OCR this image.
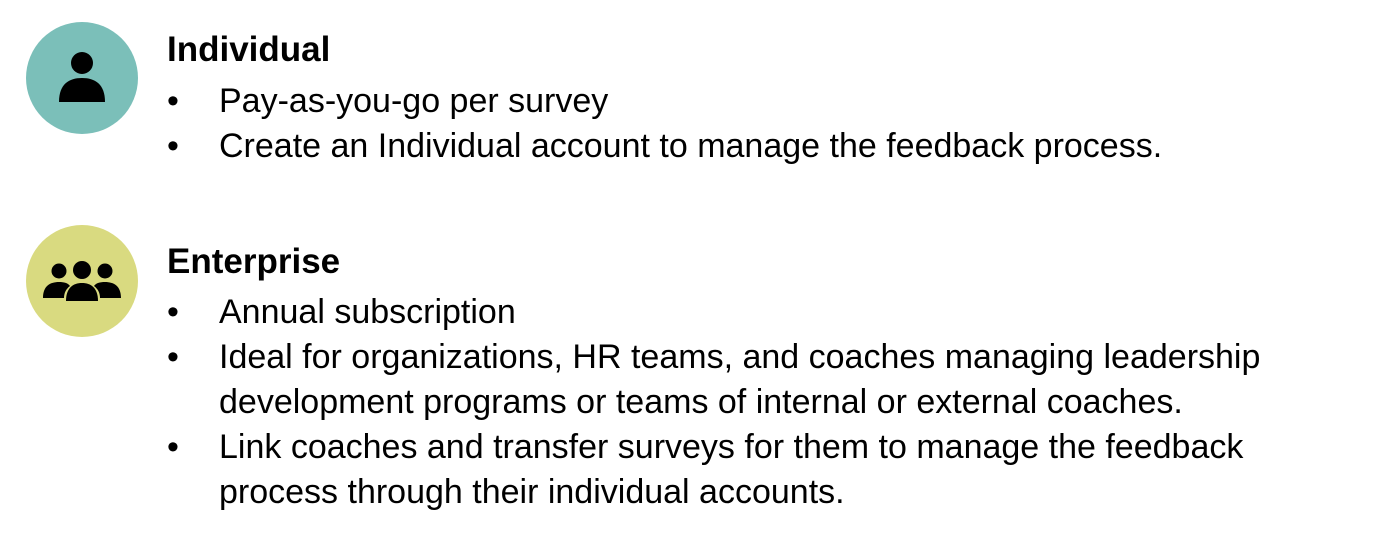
Individual
• Pay-as-you-go per survey
• Create an Individual account to manage the feedback process.
Enterprise
• Annual subscription
• Ideal for organizations, HR teams, and coaches managing leadership
development programs or teams of internal or external coaches.
• Link coaches and transfer surveys for them to manage the feedback
process through their individual accounts.
